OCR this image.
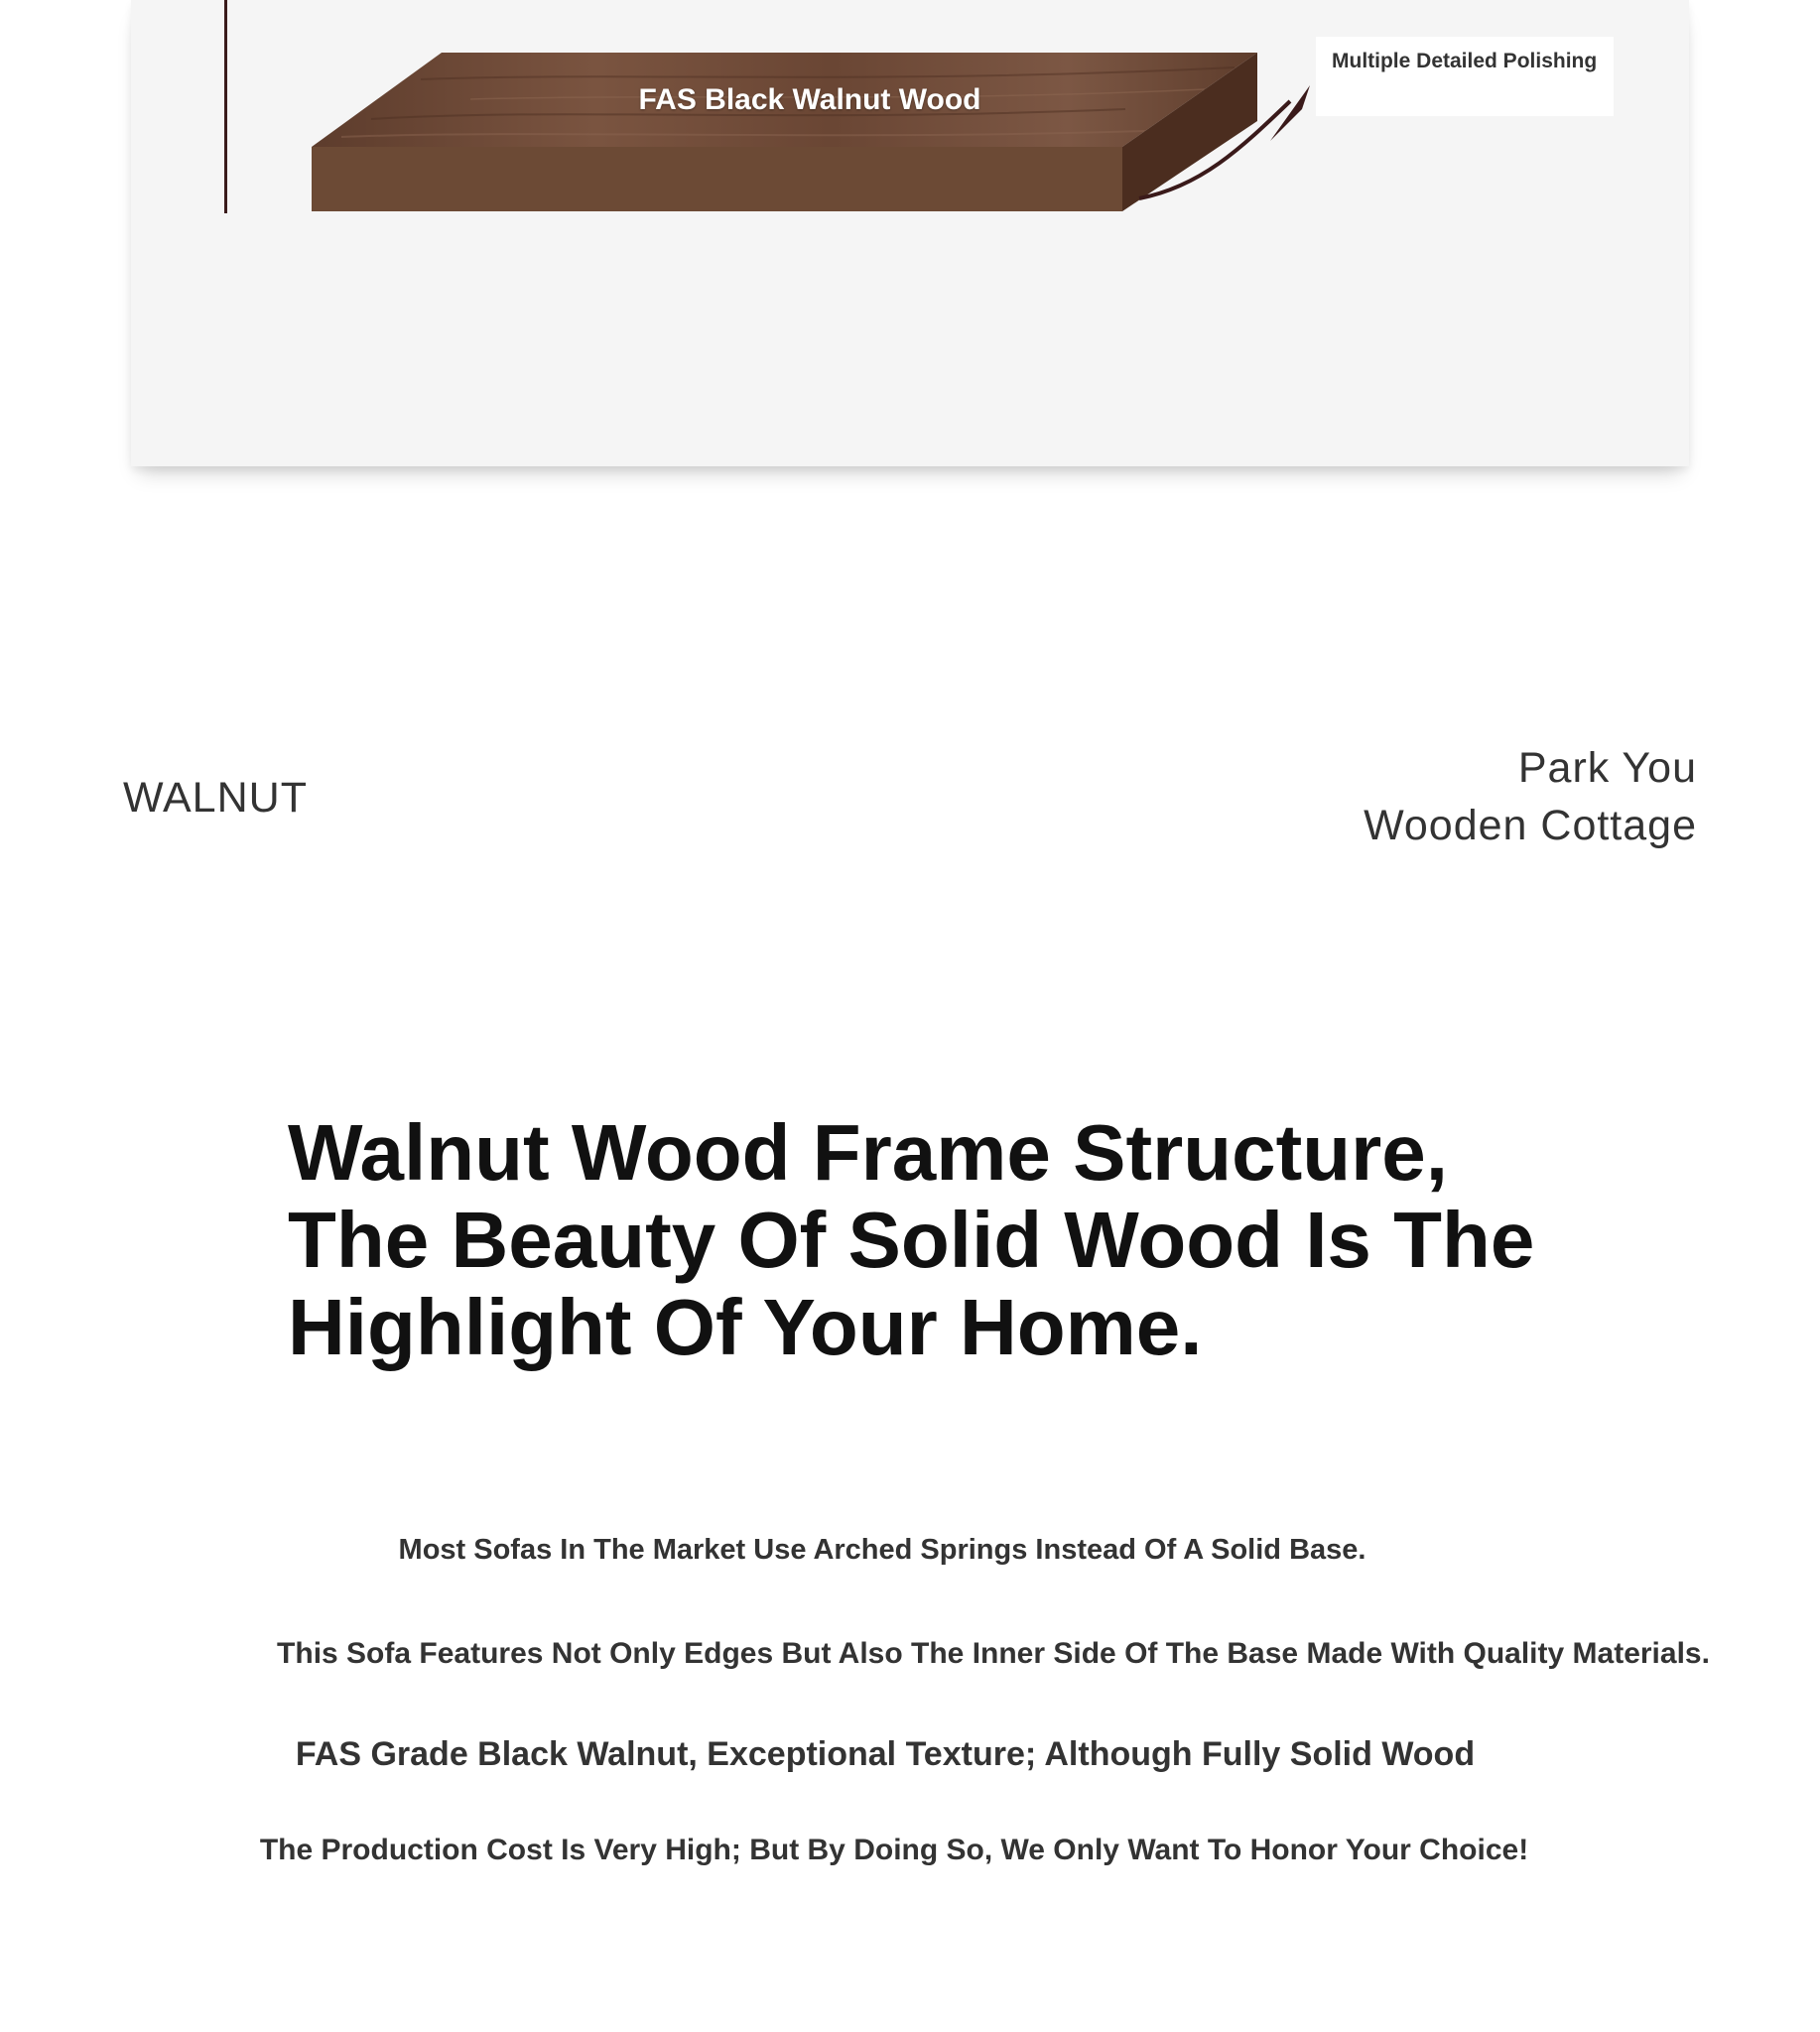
FAS Black Walnut Wood
Multiple Detailed Polishing
WALNUT
Park You
Wooden Cottage
Walnut Wood Frame Structure,
The Beauty Of Solid Wood Is The
Highlight Of Your Home.

Most Sofas In The Market Use Arched Springs Instead Of A Solid Base.

This Sofa Features Not Only Edges But Also The Inner Side Of The Base Made With Quality Materials.

FAS Grade Black Walnut, Exceptional Texture; Although Fully Solid Wood

The Production Cost Is Very High; But By Doing So, We Only Want To Honor Your Choice!
